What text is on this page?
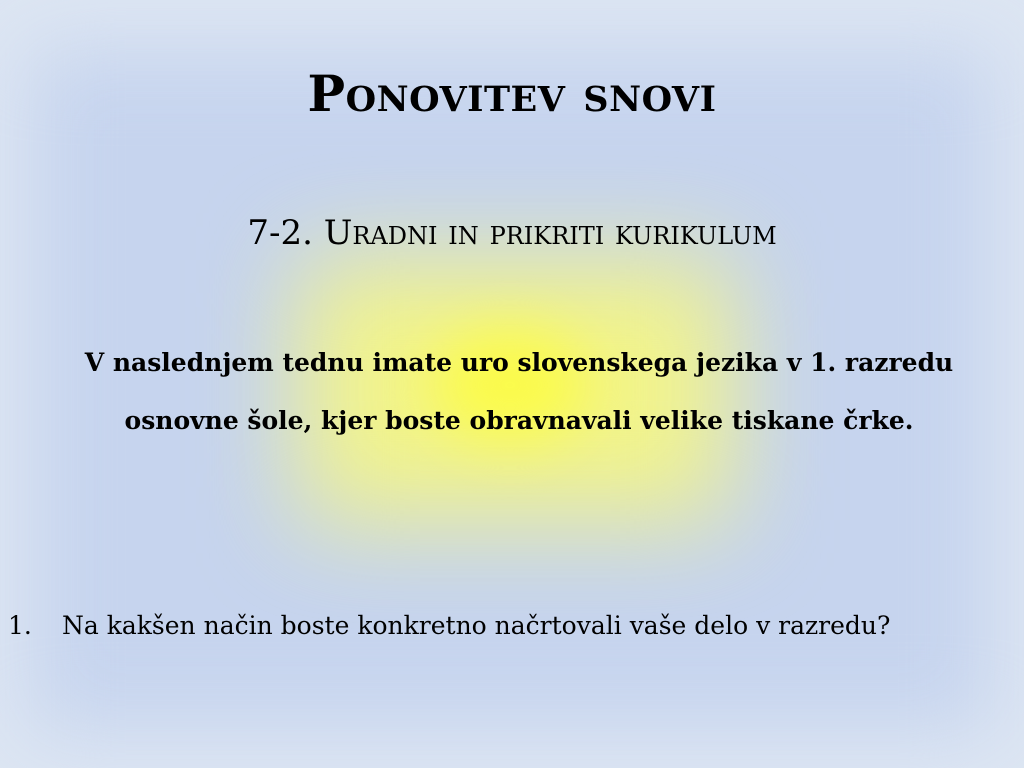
Ponovitev snovi
7-2. Uradni in prikriti kurikulum
V naslednjem tednu imate uro slovenskega jezika v 1. razredu osnovne šole, kjer boste obravnavali velike tiskane črke.
1.	Na kakšen način boste konkretno načrtovali vaše delo v razredu?
